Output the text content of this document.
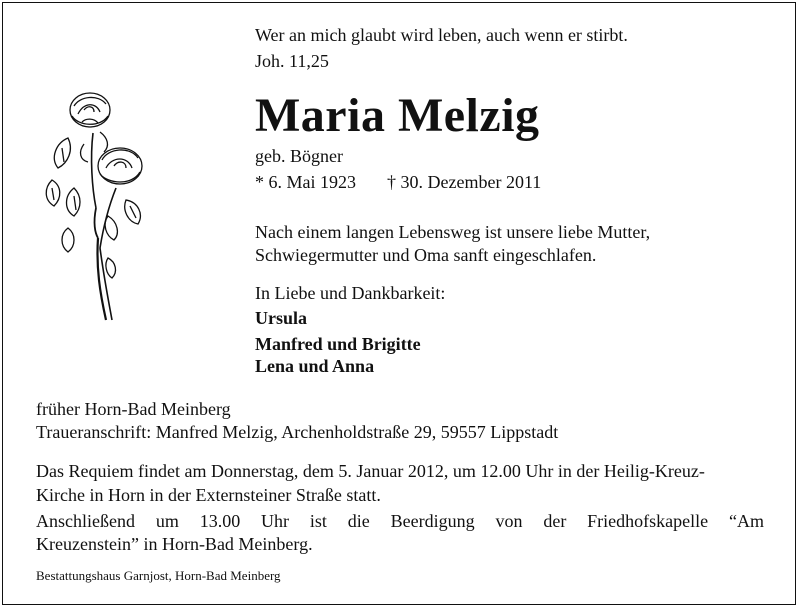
Wer an mich glaubt wird leben, auch wenn er stirbt.
Joh. 11,25
Maria Melzig
geb. Bögner
* 6. Mai 1923 † 30. Dezember 2011
Nach einem langen Lebensweg ist unsere liebe Mutter,
Schwiegermutter und Oma sanft eingeschlafen.
In Liebe und Dankbarkeit:
Ursula
Manfred und Brigitte
Lena und Anna
früher Horn-Bad Meinberg
Traueranschrift: Manfred Melzig, Archenholdstraße 29, 59557 Lippstadt
Das Requiem findet am Donnerstag, dem 5. Januar 2012, um 12.00 Uhr in der Heilig-Kreuz-
Kirche in Horn in der Externsteiner Straße statt.
Anschließend um 13.00 Uhr ist die Beerdigung von der Friedhofskapelle “Am
Kreuzenstein” in Horn-Bad Meinberg.
Bestattungshaus Garnjost, Horn-Bad Meinberg
